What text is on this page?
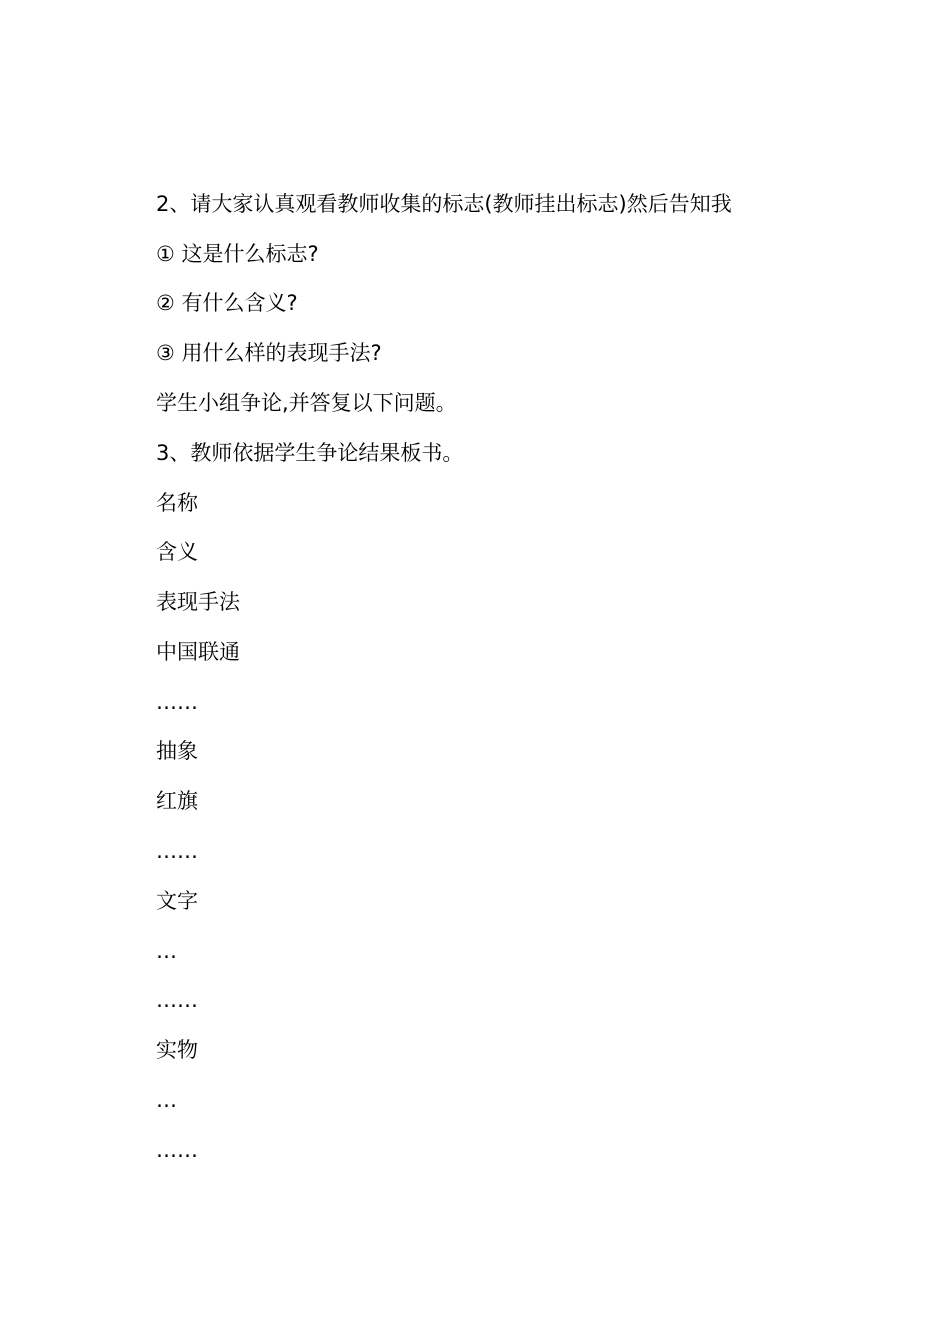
2、请大家认真观看教师收集的标志(教师挂出标志)然后告知我
① 这是什么标志?
② 有什么含义?
③ 用什么样的表现手法?
学生小组争论,并答复以下问题。
3、教师依据学生争论结果板书。
名称
含义
表现手法
中国联通
……
抽象
红旗
……
文字
…
……
实物
…
……
